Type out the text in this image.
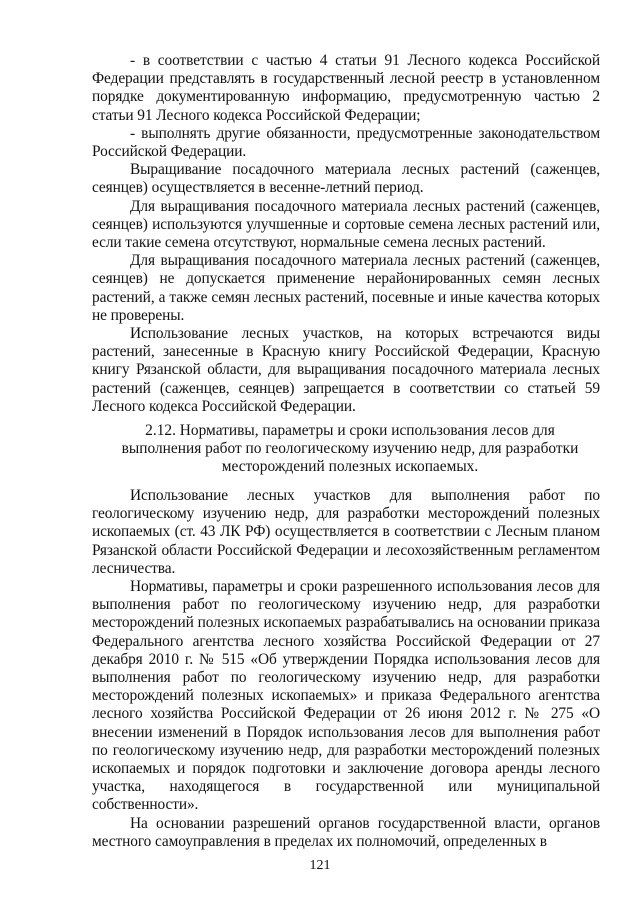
- в соответствии с частью 4 статьи 91 Лесного кодекса Российской Федерации представлять в государственный лесной реестр в установленном порядке документированную информацию, предусмотренную частью 2 статьи 91 Лесного кодекса Российской Федерации;

- выполнять другие обязанности, предусмотренные законодательством Российской Федерации.

Выращивание посадочного материала лесных растений (саженцев, сеянцев) осуществляется в весенне-летний период.

Для выращивания посадочного материала лесных растений (саженцев, сеянцев) используются улучшенные и сортовые семена лесных растений или, если такие семена отсутствуют, нормальные семена лесных растений.

Для выращивания посадочного материала лесных растений (саженцев, сеянцев) не допускается применение нерайонированных семян лесных растений, а также семян лесных растений, посевные и иные качества которых не проверены.

Использование лесных участков, на которых встречаются виды растений, занесенные в Красную книгу Российской Федерации, Красную книгу Рязанской области, для выращивания посадочного материала лесных растений (саженцев, сеянцев) запрещается в соответствии со статьей 59 Лесного кодекса Российской Федерации.

2.12. Нормативы, параметры и сроки использования лесов для выполнения работ по геологическому изучению недр, для разработки месторождений полезных ископаемых.

Использование лесных участков для выполнения работ по геологическому изучению недр, для разработки месторождений полезных ископаемых (ст. 43 ЛК РФ) осуществляется в соответствии с Лесным планом Рязанской области Российской Федерации и лесохозяйственным регламентом лесничества.

Нормативы, параметры и сроки разрешенного использования лесов для выполнения работ по геологическому изучению недр, для разработки месторождений полезных ископаемых разрабатывались на основании приказа Федерального агентства лесного хозяйства Российской Федерации от 27 декабря 2010 г. № 515 «Об утверждении Порядка использования лесов для выполнения работ по геологическому изучению недр, для разработки месторождений полезных ископаемых» и приказа Федерального агентства лесного хозяйства Российской Федерации от 26 июня 2012 г. № 275 «О внесении изменений в Порядок использования лесов для выполнения работ по геологическому изучению недр, для разработки месторождений полезных ископаемых и порядок подготовки и заключение договора аренды лесного участка, находящегося в государственной или муниципальной собственности».

На основании разрешений органов государственной власти, органов местного самоуправления в пределах их полномочий, определенных в

121
